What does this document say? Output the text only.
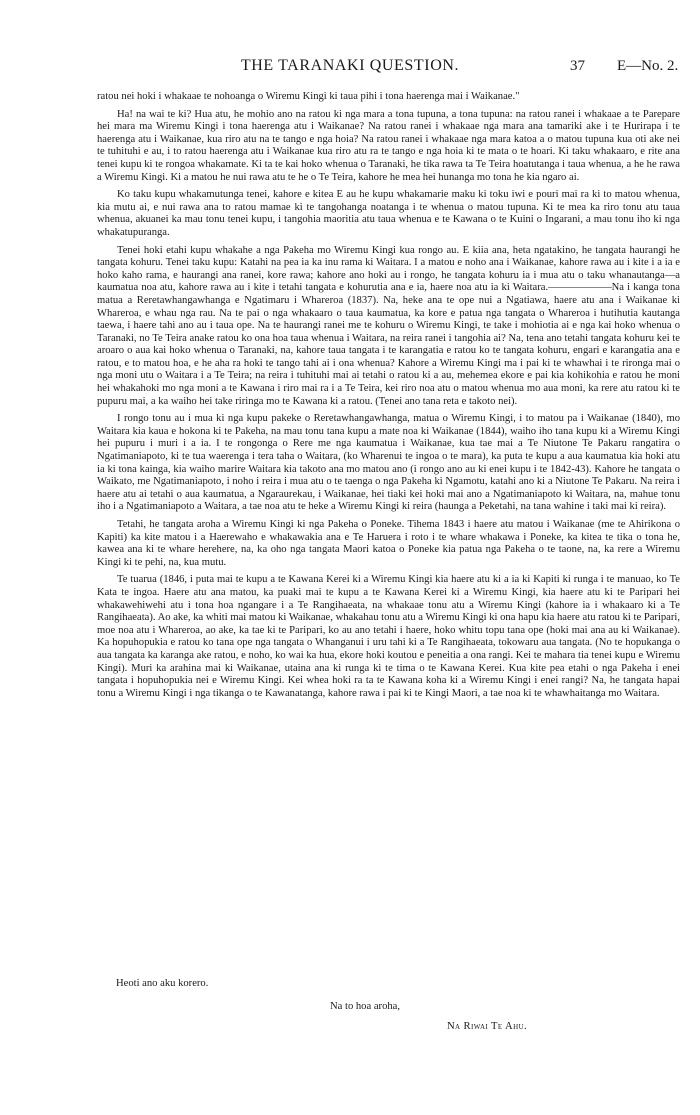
THE TARANAKI QUESTION.	37 E—No. 2.

ratou nei hoki i whakaae te nohoanga o Wiremu Kingi ki taua pihi i tona haerenga mai i Waikanae."

Ha! na wai te ki? Hua atu, he mohio ano na ratou ki nga mara a tona tupuna, a tona tupuna: na ratou ranei i whakaae a te Parepare hei mara ma Wiremu Kingi i tona haerenga atu i Waikanae? Na ratou ranei i whakaae nga mara ana tamariki ake i te Hurirapa i te haerenga atu i Waikanae, kua riro atu na te tango e nga hoia? Na ratou ranei i whakaae nga mara katoa a o matou tupuna kua oti ake nei te tuhituhi e au, i to ratou haerenga atu i Waikanae kua riro atu ra te tango e nga hoia ki te mata o te hoari. Ki taku whakaaro, e rite ana tenei kupu ki te rongoa whakamate. Ki ta te kai hoko whenua o Taranaki, he tika rawa ta Te Teira hoatutanga i taua whenua, a he he rawa a Wiremu Kingi. Ki a matou he nui rawa atu te he o Te Teira, kahore he mea hei hunanga mo tona he kia ngaro ai.

Ko taku kupu whakamutunga tenei, kahore e kitea E au he kupu whakamarie maku ki toku iwi e pouri mai ra ki to matou whenua, kia mutu ai, e nui rawa ana to ratou mamae ki te tangohanga noatanga i te whenua o matou tupuna. Ki te mea ka riro tonu atu taua whenua, akuanei ka mau tonu tenei kupu, i tangohia maoritia atu taua whenua e te Kawana o te Kuini o Ingarani, a mau tonu iho ki nga whakatupuranga.

Tenei hoki etahi kupu whakahe a nga Pakeha mo Wiremu Kingi kua rongo au. E kiia ana, heta ngatakino, he tangata haurangi he tangata kohuru. Tenei taku kupu: Katahi na pea ia ka inu rama ki Waitara. I a matou e noho ana i Waikanae, kahore rawa au i kite i a ia e hoko kaho rama, e haurangi ana ranei, kore rawa; kahore ano hoki au i rongo, he tangata kohuru ia i mua atu o taku whanautanga—a kaumatua noa atu, kahore rawa au i kite i tetahi tangata e kohurutia ana e ia, haere noa atu ia ki Waitara.——————Na i kanga tona matua a Reretawhangawhanga e Ngatimaru i Whareroa (1837). Na, heke ana te ope nui a Ngatiawa, haere atu ana i Waikanae ki Whareroa, e whau nga rau. Na te pai o nga whakaaro o taua kaumatua, ka kore e patua nga tangata o Whareroa i hutihutia kautanga taewa, i haere tahi ano au i taua ope. Na te haurangi ranei me te kohuru o Wiremu Kingi, te take i mohiotia ai e nga kai hoko whenua o Taranaki, no Te Teira anake ratou ko ona hoa taua whenua i Waitara, na reira ranei i tangohia ai? Na, tena ano tetahi tangata kohuru kei te aroaro o aua kai hoko whenua o Taranaki, na, kahore taua tangata i te karangatia e ratou ko te tangata kohuru, engari e karangatia ana e ratou, e to matou hoa, e he aha ra hoki te tango tahi ai i ona whenua? Kahore a Wiremu Kingi ma i pai ki te whawhai i te rironga mai o nga moni utu o Waitara i a Te Teira; na reira i tuhituhi mai ai tetahi o ratou ki a au, mehemea ekore e pai kia kohikohia e ratou he moni hei whakahoki mo nga moni a te Kawana i riro mai ra i a Te Teira, kei riro noa atu o matou whenua mo aua moni, ka rere atu ratou ki te pupuru mai, a ka waiho hei take riringa mo te Kawana ki a ratou. (Tenei ano tana reta e takoto nei).

I rongo tonu au i mua ki nga kupu pakeke o Reretawhangawhanga, matua o Wiremu Kingi, i to matou pa i Waikanae (1840), mo Waitara kia kaua e hokona ki te Pakeha, na mau tonu tana kupu a mate noa ki Waikanae (1844), waiho iho tana kupu ki a Wiremu Kingi hei pupuru i muri i a ia. I te rongonga o Rere me nga kaumatua i Waikanae, kua tae mai a Te Niutone Te Pakaru rangatira o Ngatimaniapoto, ki te tua waerenga i tera taha o Waitara, (ko Wharenui te ingoa o te mara), ka puta te kupu a aua kaumatua kia hoki atu ia ki tona kainga, kia waiho marire Waitara kia takoto ana mo matou ano (i rongo ano au ki enei kupu i te 1842-43). Kahore he tangata o Waikato, me Ngatimaniapoto, i noho i reira i mua atu o te taenga o nga Pakeha ki Ngamotu, katahi ano ki a Niutone Te Pakaru. Na reira i haere atu ai tetahi o aua kaumatua, a Ngaraurekau, i Waikanae, hei tiaki kei hoki mai ano a Ngatimaniapoto ki Waitara, na, mahue tonu iho i a Ngatimaniapoto a Waitara, a tae noa atu te heke a Wiremu Kingi ki reira (haunga a Peketahi, na tana wahine i taki mai ki reira).

Tetahi, he tangata aroha a Wiremu Kingi ki nga Pakeha o Poneke. Tihema 1843 i haere atu matou i Waikanae (me te Ahirikona o Kapiti) ka kite matou i a Haerewaho e whakawakia ana e Te Haruera i roto i te whare whakawa i Poneke, ka kitea te tika o tona he, kawea ana ki te whare herehere, na, ka oho nga tangata Maori katoa o Poneke kia patua nga Pakeha o te taone, na, ka rere a Wiremu Kingi ki te pehi, na, kua mutu.

Te tuarua (1846, i puta mai te kupu a te Kawana Kerei ki a Wiremu Kingi kia haere atu ki a ia ki Kapiti ki runga i te manuao, ko Te Kata te ingoa. Haere atu ana matou, ka puaki mai te kupu a te Kawana Kerei ki a Wiremu Kingi, kia haere atu ki te Paripari hei whakawehiwehi atu i tona hoa ngangare i a Te Rangihaeata, na whakaae tonu atu a Wiremu Kingi (kahore ia i whakaaro ki a Te Rangihaeata). Ao ake, ka whiti mai matou ki Waikanae, whakahau tonu atu a Wiremu Kingi ki ona hapu kia haere atu ratou ki te Paripari, moe noa atu i Whareroa, ao ake, ka tae ki te Paripari, ko au ano tetahi i haere, hoko whitu topu tana ope (hoki mai ana au ki Waikanae). Ka hopuhopukia e ratou ko tana ope nga tangata o Whanganui i uru tahi ki a Te Rangihaeata, tokowaru aua tangata. (No te hopukanga o aua tangata ka karanga ake ratou, e noho, ko wai ka hua, ekore hoki koutou e peneitia a ona rangi. Kei te mahara tia tenei kupu e Wiremu Kingi). Muri ka arahina mai ki Waikanae, utaina ana ki runga ki te tima o te Kawana Kerei. Kua kite pea etahi o nga Pakeha i enei tangata i hopuhopukia nei e Wiremu Kingi. Kei whea hoki ra ta te Kawana koha ki a Wiremu Kingi i enei rangi? Na, he tangata hapai tonu a Wiremu Kingi i nga tikanga o te Kawanatanga, kahore rawa i pai ki te Kingi Maori, a tae noa ki te whawhaitanga mo Waitara.

Heoti ano aku korero.
Na to hoa aroha,
Na Riwai Te Ahu.
